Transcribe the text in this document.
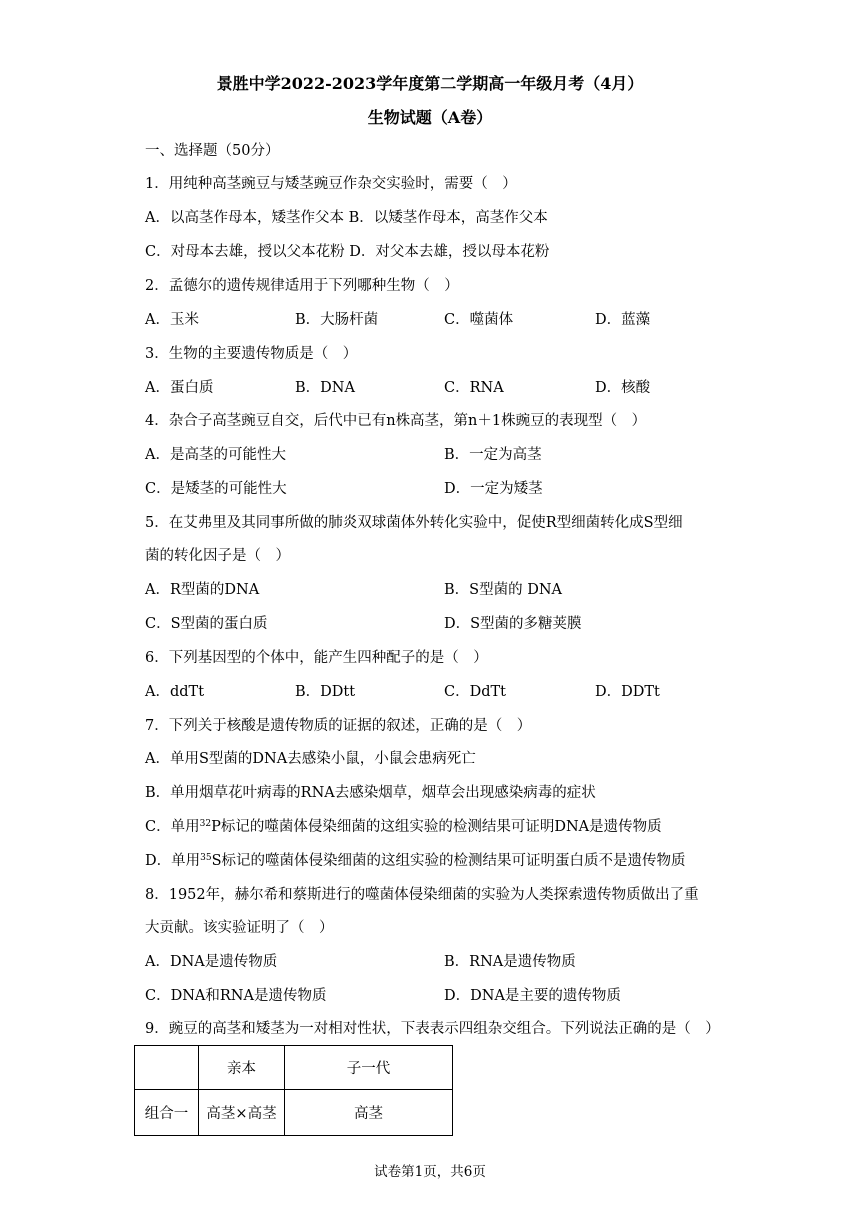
景胜中学2022-2023学年度第二学期高一年级月考（4月）
生物试题（A卷）
一、选择题（50分）
1．用纯种高茎豌豆与矮茎豌豆作杂交实验时，需要（　）
A．以高茎作母本，矮茎作父本 B．以矮茎作母本，高茎作父本
C．对母本去雄，授以父本花粉 D．对父本去雄，授以母本花粉
2．孟德尔的遗传规律适用于下列哪种生物（　）
A．玉米	B．大肠杆菌	C．噬菌体	D．蓝藻
3．生物的主要遗传物质是（　）
A．蛋白质	B．DNA	C．RNA	D．核酸
4．杂合子高茎豌豆自交，后代中已有n株高茎，第n＋1株豌豆的表现型（　）
A．是高茎的可能性大	B．一定为高茎
C．是矮茎的可能性大	D．一定为矮茎
5．在艾弗里及其同事所做的肺炎双球菌体外转化实验中，促使R型细菌转化成S型细
菌的转化因子是（　）
A．R型菌的DNA	B．S型菌的 DNA
C．S型菌的蛋白质	D．S型菌的多糖荚膜
6．下列基因型的个体中，能产生四种配子的是（　）
A．ddTt	B．DDtt	C．DdTt	D．DDTt
7．下列关于核酸是遗传物质的证据的叙述，正确的是（　）
A．单用S型菌的DNA去感染小鼠，小鼠会患病死亡
B．单用烟草花叶病毒的RNA去感染烟草，烟草会出现感染病毒的症状
C．单用$^{32}$P标记的噬菌体侵染细菌的这组实验的检测结果可证明DNA是遗传物质
D．单用$^{35}$S标记的噬菌体侵染细菌的这组实验的检测结果可证明蛋白质不是遗传物质
8．1952年，赫尔希和蔡斯进行的噬菌体侵染细菌的实验为人类探索遗传物质做出了重
大贡献。该实验证明了（　）
A．DNA是遗传物质	B．RNA是遗传物质
C．DNA和RNA是遗传物质	D．DNA是主要的遗传物质
9．豌豆的高茎和矮茎为一对相对性状，下表表示四组杂交组合。下列说法正确的是（　）
	亲本	子一代
组合一	高茎×高茎	高茎
试卷第1页，共6页
